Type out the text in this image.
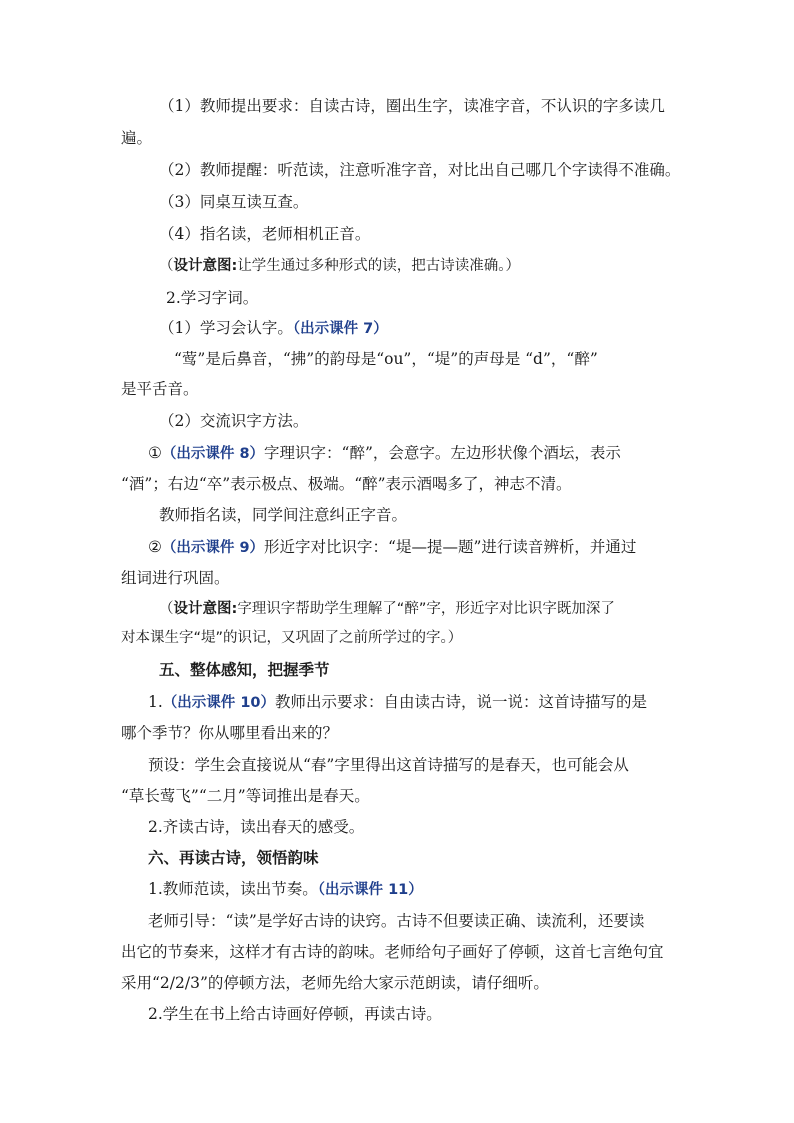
（1）教师提出要求：自读古诗，圈出生字，读准字音，不认识的字多读几
遍。
（2）教师提醒：听范读，注意听准字音，对比出自己哪几个字读得不准确。
（3）同桌互读互查。
（4）指名读，老师相机正音。
（设计意图:让学生通过多种形式的读，把古诗读准确。）
2.学习字词。
（1）学习会认字。（出示课件 7）
“莺”是后鼻音，“拂”的韵母是“ou”，“堤”的声母是 “d”，“醉”
是平舌音。
（2）交流识字方法。
①（出示课件 8）字理识字：“醉”，会意字。左边形状像个酒坛，表示
“酒”；右边“卒”表示极点、极端。“醉”表示酒喝多了，神志不清。
教师指名读，同学间注意纠正字音。
②（出示课件 9）形近字对比识字：“堤—提—题”进行读音辨析，并通过
组词进行巩固。
（设计意图:字理识字帮助学生理解了“醉”字，形近字对比识字既加深了
对本课生字“堤”的识记，又巩固了之前所学过的字。）
五、整体感知，把握季节
1.（出示课件 10）教师出示要求：自由读古诗，说一说：这首诗描写的是
哪个季节？你从哪里看出来的？
预设：学生会直接说从“春”字里得出这首诗描写的是春天，也可能会从
“草长莺飞”“二月”等词推出是春天。
2.齐读古诗，读出春天的感受。
六、再读古诗，领悟韵味
1.教师范读，读出节奏。（出示课件 11）
老师引导：“读”是学好古诗的诀窍。古诗不但要读正确、读流利，还要读
出它的节奏来，这样才有古诗的韵味。老师给句子画好了停顿，这首七言绝句宜
采用“2/2/3”的停顿方法，老师先给大家示范朗读，请仔细听。
2.学生在书上给古诗画好停顿，再读古诗。
